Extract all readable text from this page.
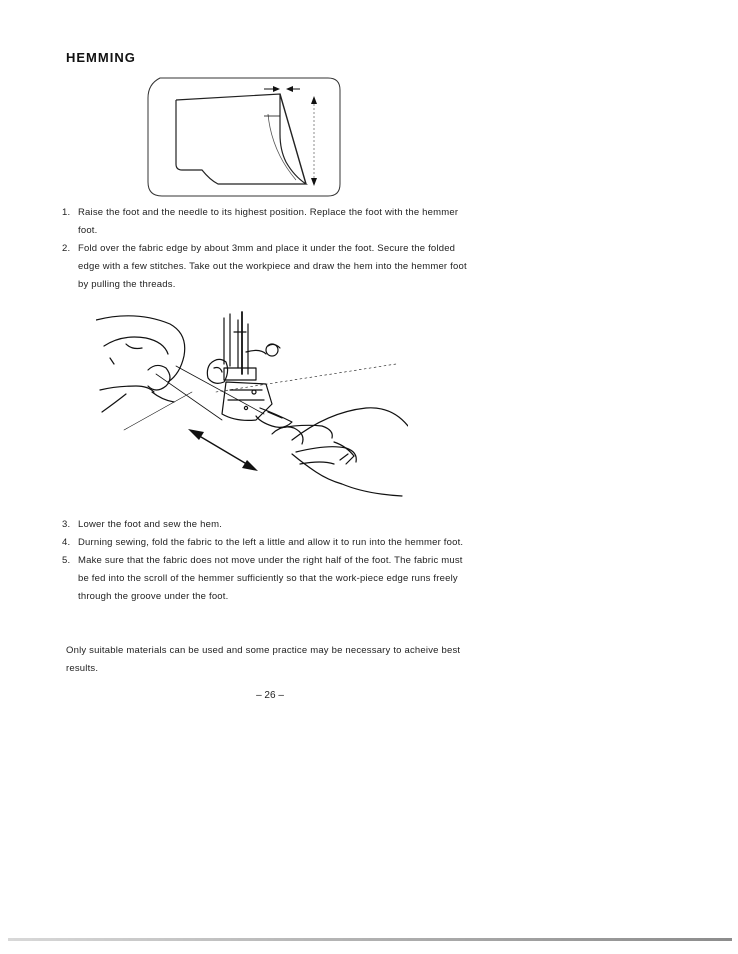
HEMMING
1. Raise the foot and the needle to its highest position. Replace the foot with the hemmer foot.
2. Fold over the fabric edge by about 3mm and place it under the foot. Secure the folded edge with a few stitches. Take out the workpiece and draw the hem into the hemmer foot by pulling the threads.
3. Lower the foot and sew the hem.
4. Durning sewing, fold the fabric to the left a little and allow it to run into the hemmer foot.
5. Make sure that the fabric does not move under the right half of the foot. The fabric must be fed into the scroll of the hemmer sufficiently so that the work-piece edge runs freely through the groove under the foot.

Only suitable materials can be used and some practice may be necessary to acheive best results.

– 26 –
